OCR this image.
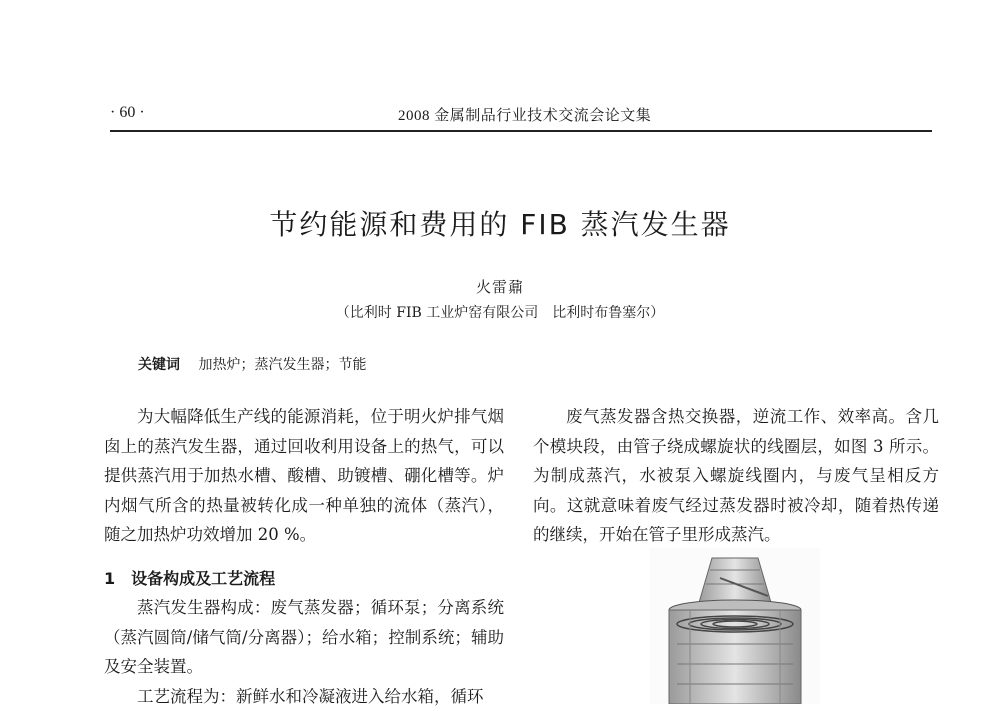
· 60 ·	2008 金属制品行业技术交流会论文集
节约能源和费用的 FIB 蒸汽发生器
火雷鼐
（比利时 FIB 工业炉窑有限公司　比利时布鲁塞尔）
关键词 加热炉；蒸汽发生器；节能

为大幅降低生产线的能源消耗，位于明火炉排气烟囱上的蒸汽发生器，通过回收利用设备上的热气，可以提供蒸汽用于加热水槽、酸槽、助镀槽、硼化槽等。炉内烟气所含的热量被转化成一种单独的流体（蒸汽），随之加热炉功效增加 20 %。

1 设备构成及工艺流程

蒸汽发生器构成：废气蒸发器；循环泵；分离系统（蒸汽圆筒/储气筒/分离器）；给水箱；控制系统；辅助及安全装置。

工艺流程为：新鲜水和冷凝液进入给水箱，循环

废气蒸发器含热交换器，逆流工作、效率高。含几个模块段，由管子绕成螺旋状的线圈层，如图 3 所示。为制成蒸汽，水被泵入螺旋线圈内，与废气呈相反方向。这就意味着废气经过蒸发器时被冷却，随着热传递的继续，开始在管子里形成蒸汽。
